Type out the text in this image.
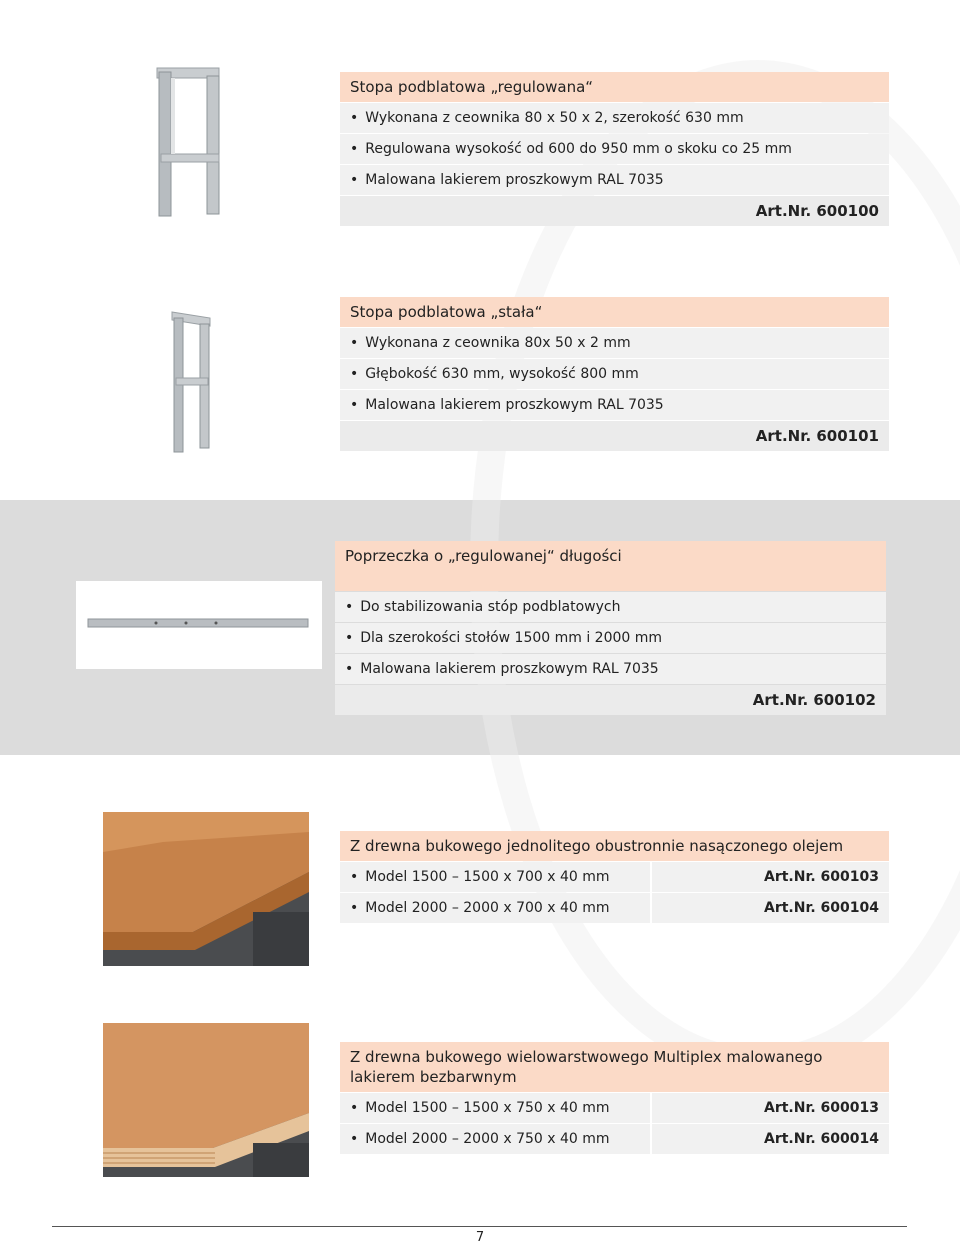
Stopa podblatowa „regulowana“
• Wykonana z ceownika 80 x 50 x 2, szerokość 630 mm
• Regulowana wysokość od 600 do 950 mm o skoku co 25 mm
• Malowana lakierem proszkowym RAL 7035
Art.Nr. 600100
Stopa podblatowa „stała“
• Wykonana z ceownika 80x 50 x 2 mm
• Głębokość 630 mm, wysokość 800 mm
• Malowana lakierem proszkowym RAL 7035
Art.Nr. 600101
Poprzeczka o „regulowanej“ długości
• Do stabilizowania stóp podblatowych
• Dla szerokości stołów 1500 mm i 2000 mm
• Malowana lakierem proszkowym RAL 7035
Art.Nr. 600102
Z drewna bukowego jednolitego obustronnie nasączonego olejem
• Model 1500 – 1500 x 700 x 40 mm	Art.Nr. 600103
• Model 2000 – 2000 x 700 x 40 mm	Art.Nr. 600104
Z drewna bukowego wielowarstwowego Multiplex malowanego lakierem bezbarwnym
• Model 1500 – 1500 x 750 x 40 mm	Art.Nr. 600013
• Model 2000 – 2000 x 750 x 40 mm	Art.Nr. 600014
7
